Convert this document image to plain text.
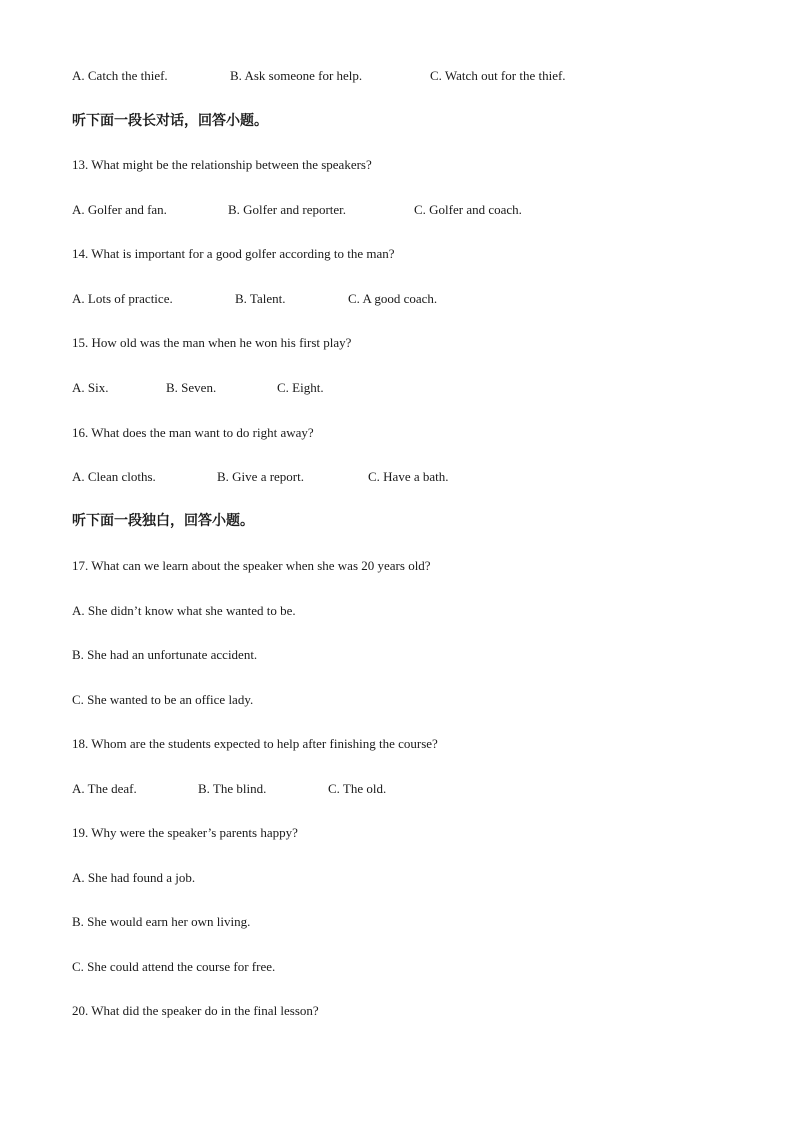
A. Catch the thief.	B. Ask someone for help.	C. Watch out for the thief.
听下面一段长对话，回答小题。
13. What might be the relationship between the speakers?
A. Golfer and fan.	B. Golfer and reporter.	C. Golfer and coach.
14. What is important for a good golfer according to the man?
A. Lots of practice.	B. Talent.	C. A good coach.
15. How old was the man when he won his first play?
A. Six.	B. Seven.	C. Eight.
16. What does the man want to do right away?
A. Clean cloths.	B. Give a report.	C. Have a bath.
听下面一段独白，回答小题。
17. What can we learn about the speaker when she was 20 years old?
A. She didn’t know what she wanted to be.
B. She had an unfortunate accident.
C. She wanted to be an office lady.
18. Whom are the students expected to help after finishing the course?
A. The deaf.	B. The blind.	C. The old.
19. Why were the speaker’s parents happy?
A. She had found a job.
B. She would earn her own living.
C. She could attend the course for free.
20. What did the speaker do in the final lesson?
